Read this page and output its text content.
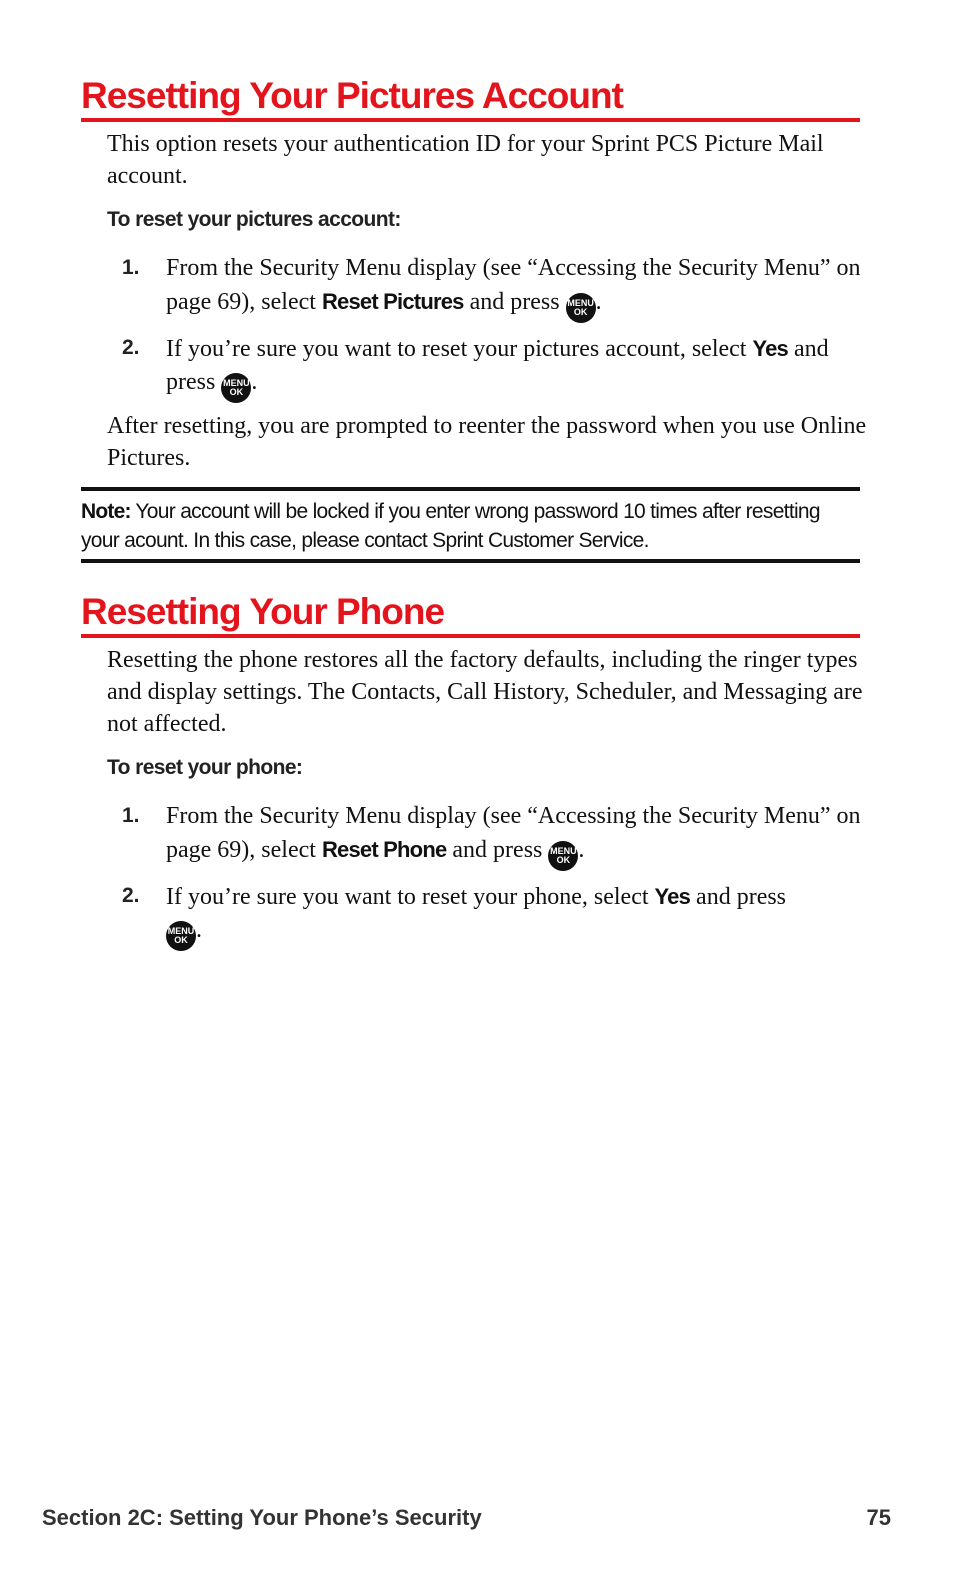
Resetting Your Pictures Account

This option resets your authentication ID for your Sprint PCS Picture Mail account.

To reset your pictures account:

1. From the Security Menu display (see “Accessing the Security Menu” on page 69), select Reset Pictures and press MENU
OK .

2. If you’re sure you want to reset your pictures account, select Yes and press MENU
OK .

After resetting, you are prompted to reenter the password when you use Online Pictures.

Note: Your account will be locked if you enter wrong password 10 times after resetting your acount. In this case, please contact Sprint Customer Service.
Resetting Your Phone

Resetting the phone restores all the factory defaults, including the ringer types and display settings. The Contacts, Call History, Scheduler, and Messaging are not affected.

To reset your phone:

1. From the Security Menu display (see “Accessing the Security Menu” on page 69), select Reset Phone and press MENU
OK .

2. If you’re sure you want to reset your phone, select Yes and press
MENU
OK .

Section 2C: Setting Your Phone’s Security	75
